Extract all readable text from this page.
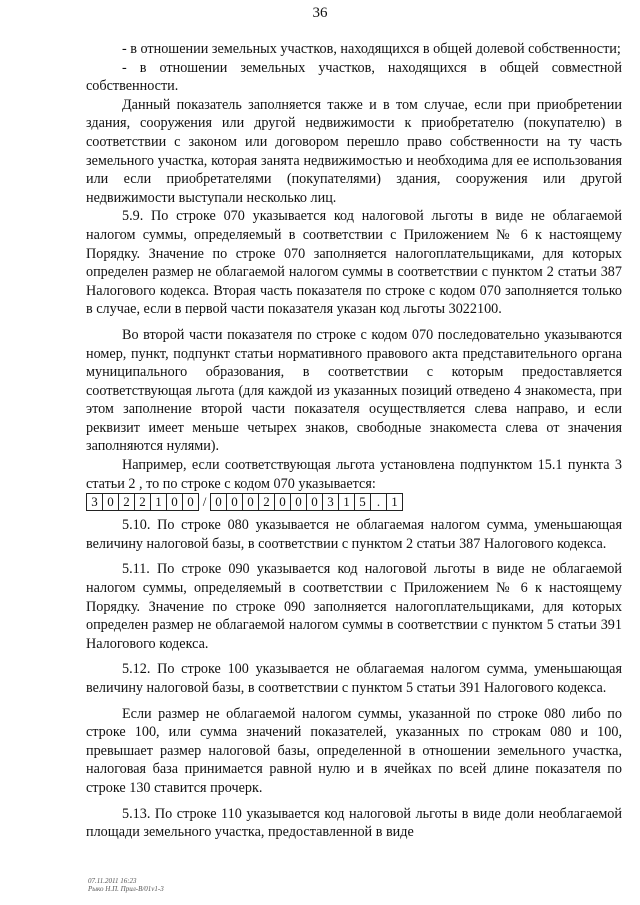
36

- в отношении земельных участков, находящихся в общей долевой собственности;

- в отношении земельных участков, находящихся в общей совместной собственности.

Данный показатель заполняется также и в том случае, если при приобретении здания, сооружения или другой недвижимости к приобретателю (покупателю) в соответствии с законом или договором перешло право собственности на ту часть земельного участка, которая занята недвижимостью и необходима для ее использования или если приобретателями (покупателями) здания, сооружения или другой недвижимости выступали несколько лиц.

5.9. По строке 070 указывается код налоговой льготы в виде не облагаемой налогом суммы, определяемый в соответствии с Приложением № 6 к настоящему Порядку. Значение по строке 070 заполняется налогоплательщиками, для которых определен размер не облагаемой налогом суммы в соответствии с пунктом 2 статьи 387 Налогового кодекса. Вторая часть показателя по строке с кодом 070 заполняется только в случае, если в первой части показателя указан код льготы 3022100.

Во второй части показателя по строке с кодом 070 последовательно указываются номер, пункт, подпункт статьи нормативного правового акта представительного органа муниципального образования, в соответствии с которым предоставляется соответствующая льгота (для каждой из указанных позиций отведено 4 знакоместа, при этом заполнение второй части показателя осуществляется слева направо, и если реквизит имеет меньше четырех знаков, свободные знакоместа слева от значения заполняются нулями).

Например, если соответствующая льгота установлена подпунктом 15.1 пункта 3 статьи 2 , то по строке с кодом 070 указывается:

3 0 2 2 1 0 0 / 0 0 0 2 0 0 0 3 1 5 . 1

5.10. По строке 080 указывается не облагаемая налогом сумма, уменьшающая величину налоговой базы, в соответствии с пунктом 2 статьи 387 Налогового кодекса.

5.11. По строке 090 указывается код налоговой льготы в виде не облагаемой налогом суммы, определяемый в соответствии с Приложением № 6 к настоящему Порядку. Значение по строке 090 заполняется налогоплательщиками, для которых определен размер не облагаемой налогом суммы в соответствии с пунктом 5 статьи 391 Налогового кодекса.

5.12. По строке 100 указывается не облагаемая налогом сумма, уменьшающая величину налоговой базы, в соответствии с пунктом 5 статьи 391 Налогового кодекса.

Если размер не облагаемой налогом суммы, указанной по строке 080 либо по строке 100, или сумма значений показателей, указанных по строкам 080 и 100, превышает размер налоговой базы, определенной в отношении земельного участка, налоговая база принимается равной нулю и в ячейках по всей длине показателя по строке 130 ставится прочерк.

5.13. По строке 110 указывается код налоговой льготы в виде доли необлагаемой площади земельного участка, предоставленной в виде

07.11.2011 16:23
Рыко Н.П. Прил-В/01v1-3
